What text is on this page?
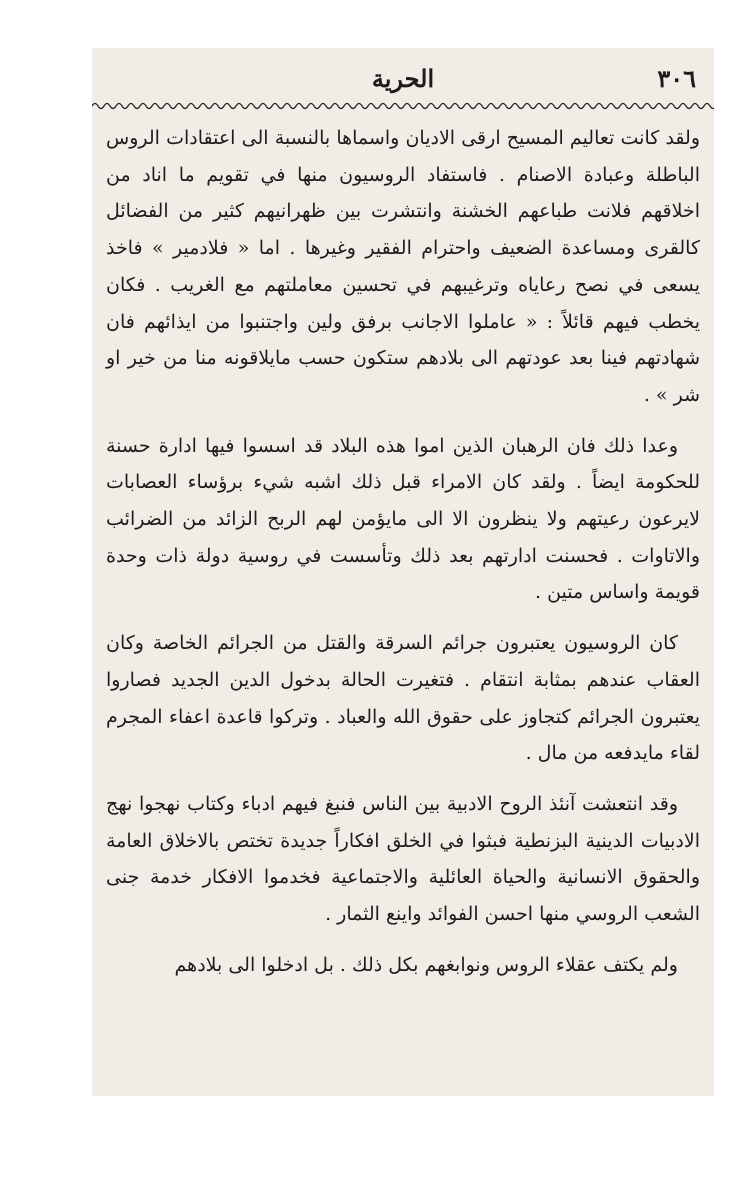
٣٠٦
الحرية

ولقد كانت تعاليم المسيح ارقى الاديان واسماها بالنسبة الى اعتقادات الروس الباطلة وعبادة الاصنام . فاستفاد الروسيون منها في تقويم ما اناد من اخلاقهم فلانت طباعهم الخشنة وانتشرت بين ظهرانيهم كثير من الفضائل كالقرى ومساعدة الضعيف واحترام الفقير وغيرها . اما « فلادمير » فاخذ يسعى في نصح رعاياه وترغيبهم في تحسين معاملتهم مع الغريب . فكان يخطب فيهم قائلاً : « عاملوا الاجانب برفق ولين واجتنبوا من ايذائهم فان شهادتهم فينا بعد عودتهم الى بلادهم ستكون حسب مايلاقونه منا من خير او شر » .

وعدا ذلك فان الرهبان الذين اموا هذه البلاد قد اسسوا فيها ادارة حسنة للحكومة ايضاً . ولقد كان الامراء قبل ذلك اشبه شيء برؤساء العصابات لايرعون رعيتهم ولا ينظرون الا الى مايؤمن لهم الربح الزائد من الضرائب والاتاوات . فحسنت ادارتهم بعد ذلك وتأسست في روسية دولة ذات وحدة قويمة واساس متين .

كان الروسيون يعتبرون جرائم السرقة والقتل من الجرائم الخاصة وكان العقاب عندهم بمثابة انتقام . فتغيرت الحالة بدخول الدين الجديد فصاروا يعتبرون الجرائم كتجاوز على حقوق الله والعباد . وتركوا قاعدة اعفاء المجرم لقاء مايدفعه من مال .

وقد انتعشت آنئذ الروح الادبية بين الناس فنبغ فيهم ادباء وكتاب نهجوا نهج الادبيات الدينية البزنطية فبثوا في الخلق افكاراً جديدة تختص بالاخلاق العامة والحقوق الانسانية والحياة العائلية والاجتماعية فخدموا الافكار خدمة جنى الشعب الروسي منها احسن الفوائد واينع الثمار .

ولم يكتف عقلاء الروس ونوابغهم بكل ذلك . بل ادخلوا الى بلادهم
